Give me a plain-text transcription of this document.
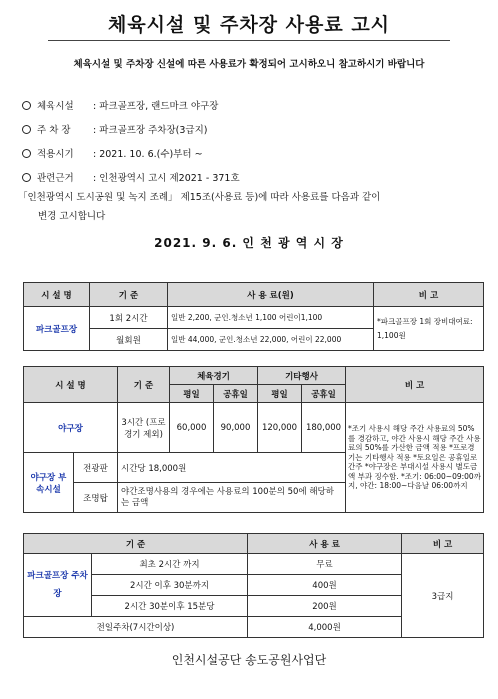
체육시설 및 주차장 사용료 고시
체육시설 및 주차장 신설에 따른 사용료가 확정되어 고시하오니 참고하시기 바랍니다
체육시설	: 파크골프장, 랜드마크 야구장
주 차 장	: 파크골프장 주차장(3급지)
적용시기	: 2021. 10. 6.(수)부터 ~
관련근거	: 인천광역시 고시 제2021 - 371호
「인천광역시 도시공원 및 녹지 조례」 제15조(사용료 등)에 따라 사용료를 다음과 같이
변경 고시합니다
2021. 9. 6. 인 천 광 역 시 장
시 설 명	기 준	사 용 료(원)	비 고
파크골프장	1회 2시간	일반 2,200, 군인.청소년 1,100 어린이1,100	*파크골프장 1회 장비대여료: 1,100원
	월회원	일반 44,000, 군인.청소년 22,000, 어린이 22,000	
시 설 명		기 준	체육경기		기타행사		비 고
			평일	공휴일	평일	공휴일	
야구장		3시간 (프로경기 제외)	60,000	90,000	120,000	180,000	*조기 사용시 해당 주간 사용료의 50%를 경감하고, 야간 사용시 해당 주간 사용료의 50%를 가산한 금액 적용 *프로경기는 기타행사 적용 *토요일은 공휴일로 간주 *야구장은 부대시설 사용시 별도금액 부과 징수함. *조기: 06:00~09:00까지, 야간: 18:00~다음날 06:00까지
야구장 부속시설	전광판	시간당 18,000원					
	조명탑	야간조명사용의 경우에는 사용료의 100분의 50에 해당하는 금액					
기 준		사 용 료	비 고
파크골프장 주차장	최초 2시간 까지	무료	3급지
	2시간 이후 30분까지	400원	
	2시간 30분이후 15분당	200원	
전일주차(7시간이상)		4,000원	
인천시설공단 송도공원사업단
